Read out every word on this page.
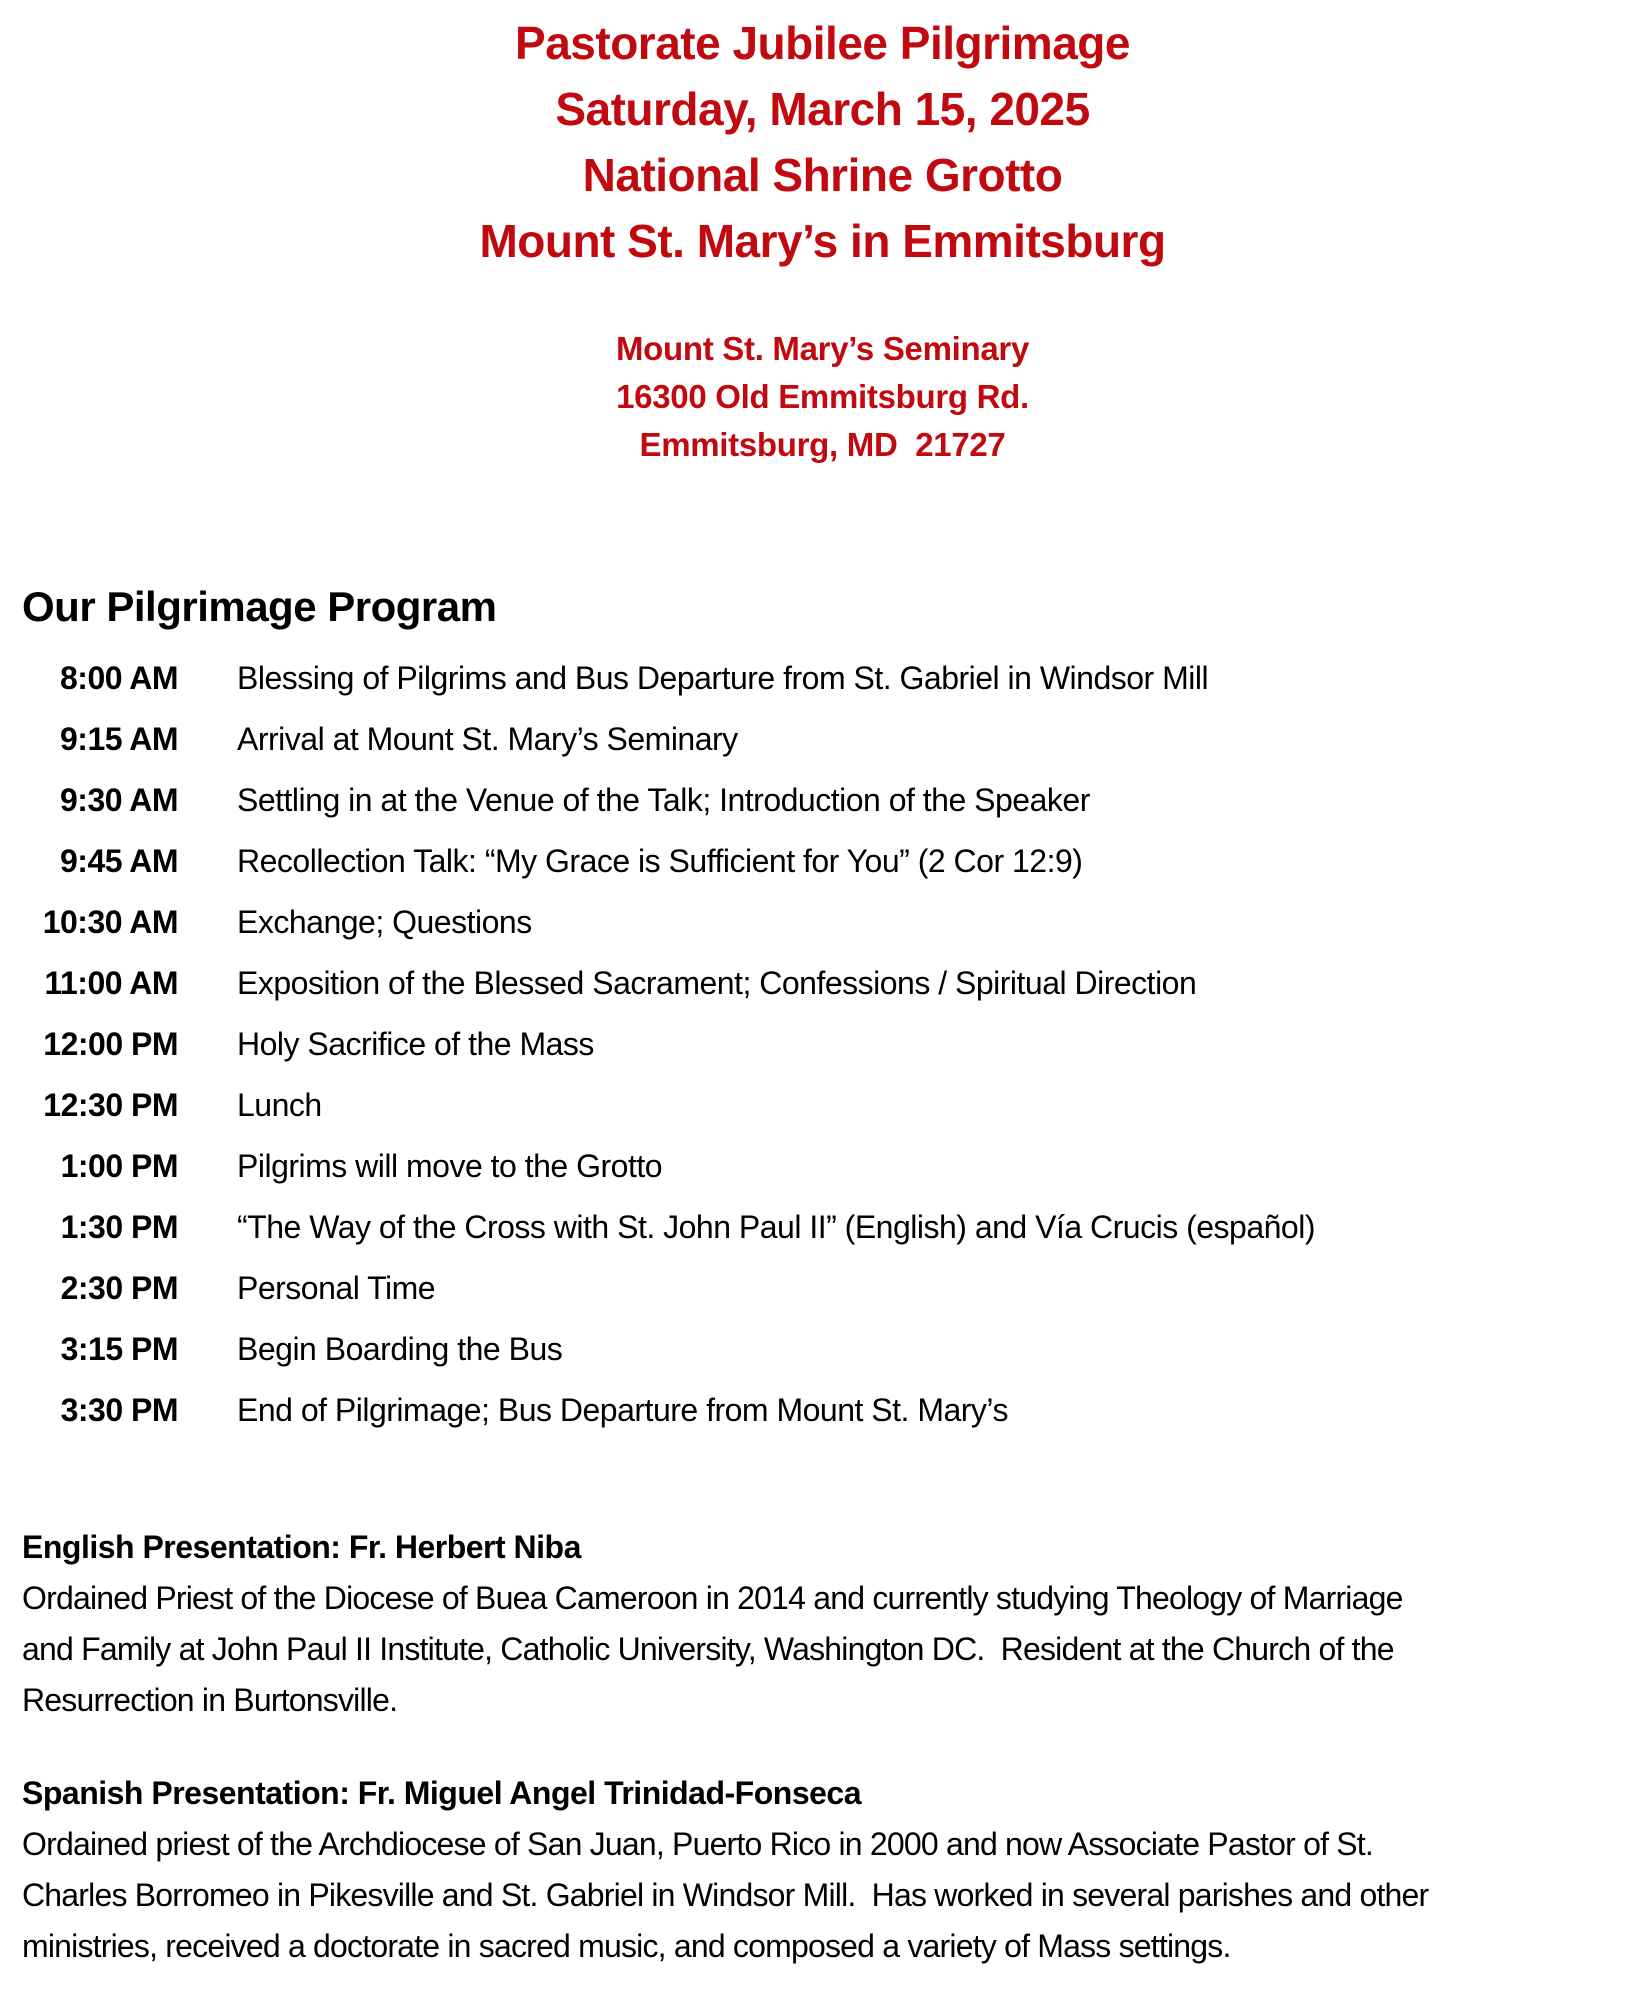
Pastorate Jubilee Pilgrimage
Saturday, March 15, 2025
National Shrine Grotto
Mount St. Mary’s in Emmitsburg
Mount St. Mary’s Seminary
16300 Old Emmitsburg Rd.
Emmitsburg, MD  21727
Our Pilgrimage Program
8:00 AM Blessing of Pilgrims and Bus Departure from St. Gabriel in Windsor Mill
9:15 AM Arrival at Mount St. Mary’s Seminary
9:30 AM Settling in at the Venue of the Talk; Introduction of the Speaker
9:45 AM Recollection Talk: “My Grace is Sufficient for You” (2 Cor 12:9)
10:30 AM Exchange; Questions
11:00 AM Exposition of the Blessed Sacrament; Confessions / Spiritual Direction
12:00 PM Holy Sacrifice of the Mass
12:30 PM Lunch
1:00 PM Pilgrims will move to the Grotto
1:30 PM “The Way of the Cross with St. John Paul II” (English) and Vía Crucis (español)
2:30 PM Personal Time
3:15 PM Begin Boarding the Bus
3:30 PM End of Pilgrimage; Bus Departure from Mount St. Mary’s
English Presentation: Fr. Herbert Niba
Ordained Priest of the Diocese of Buea Cameroon in 2014 and currently studying Theology of Marriage
and Family at John Paul II Institute, Catholic University, Washington DC.  Resident at the Church of the
Resurrection in Burtonsville.
Spanish Presentation: Fr. Miguel Angel Trinidad-Fonseca
Ordained priest of the Archdiocese of San Juan, Puerto Rico in 2000 and now Associate Pastor of St.
Charles Borromeo in Pikesville and St. Gabriel in Windsor Mill.  Has worked in several parishes and other
ministries, received a doctorate in sacred music, and composed a variety of Mass settings.
